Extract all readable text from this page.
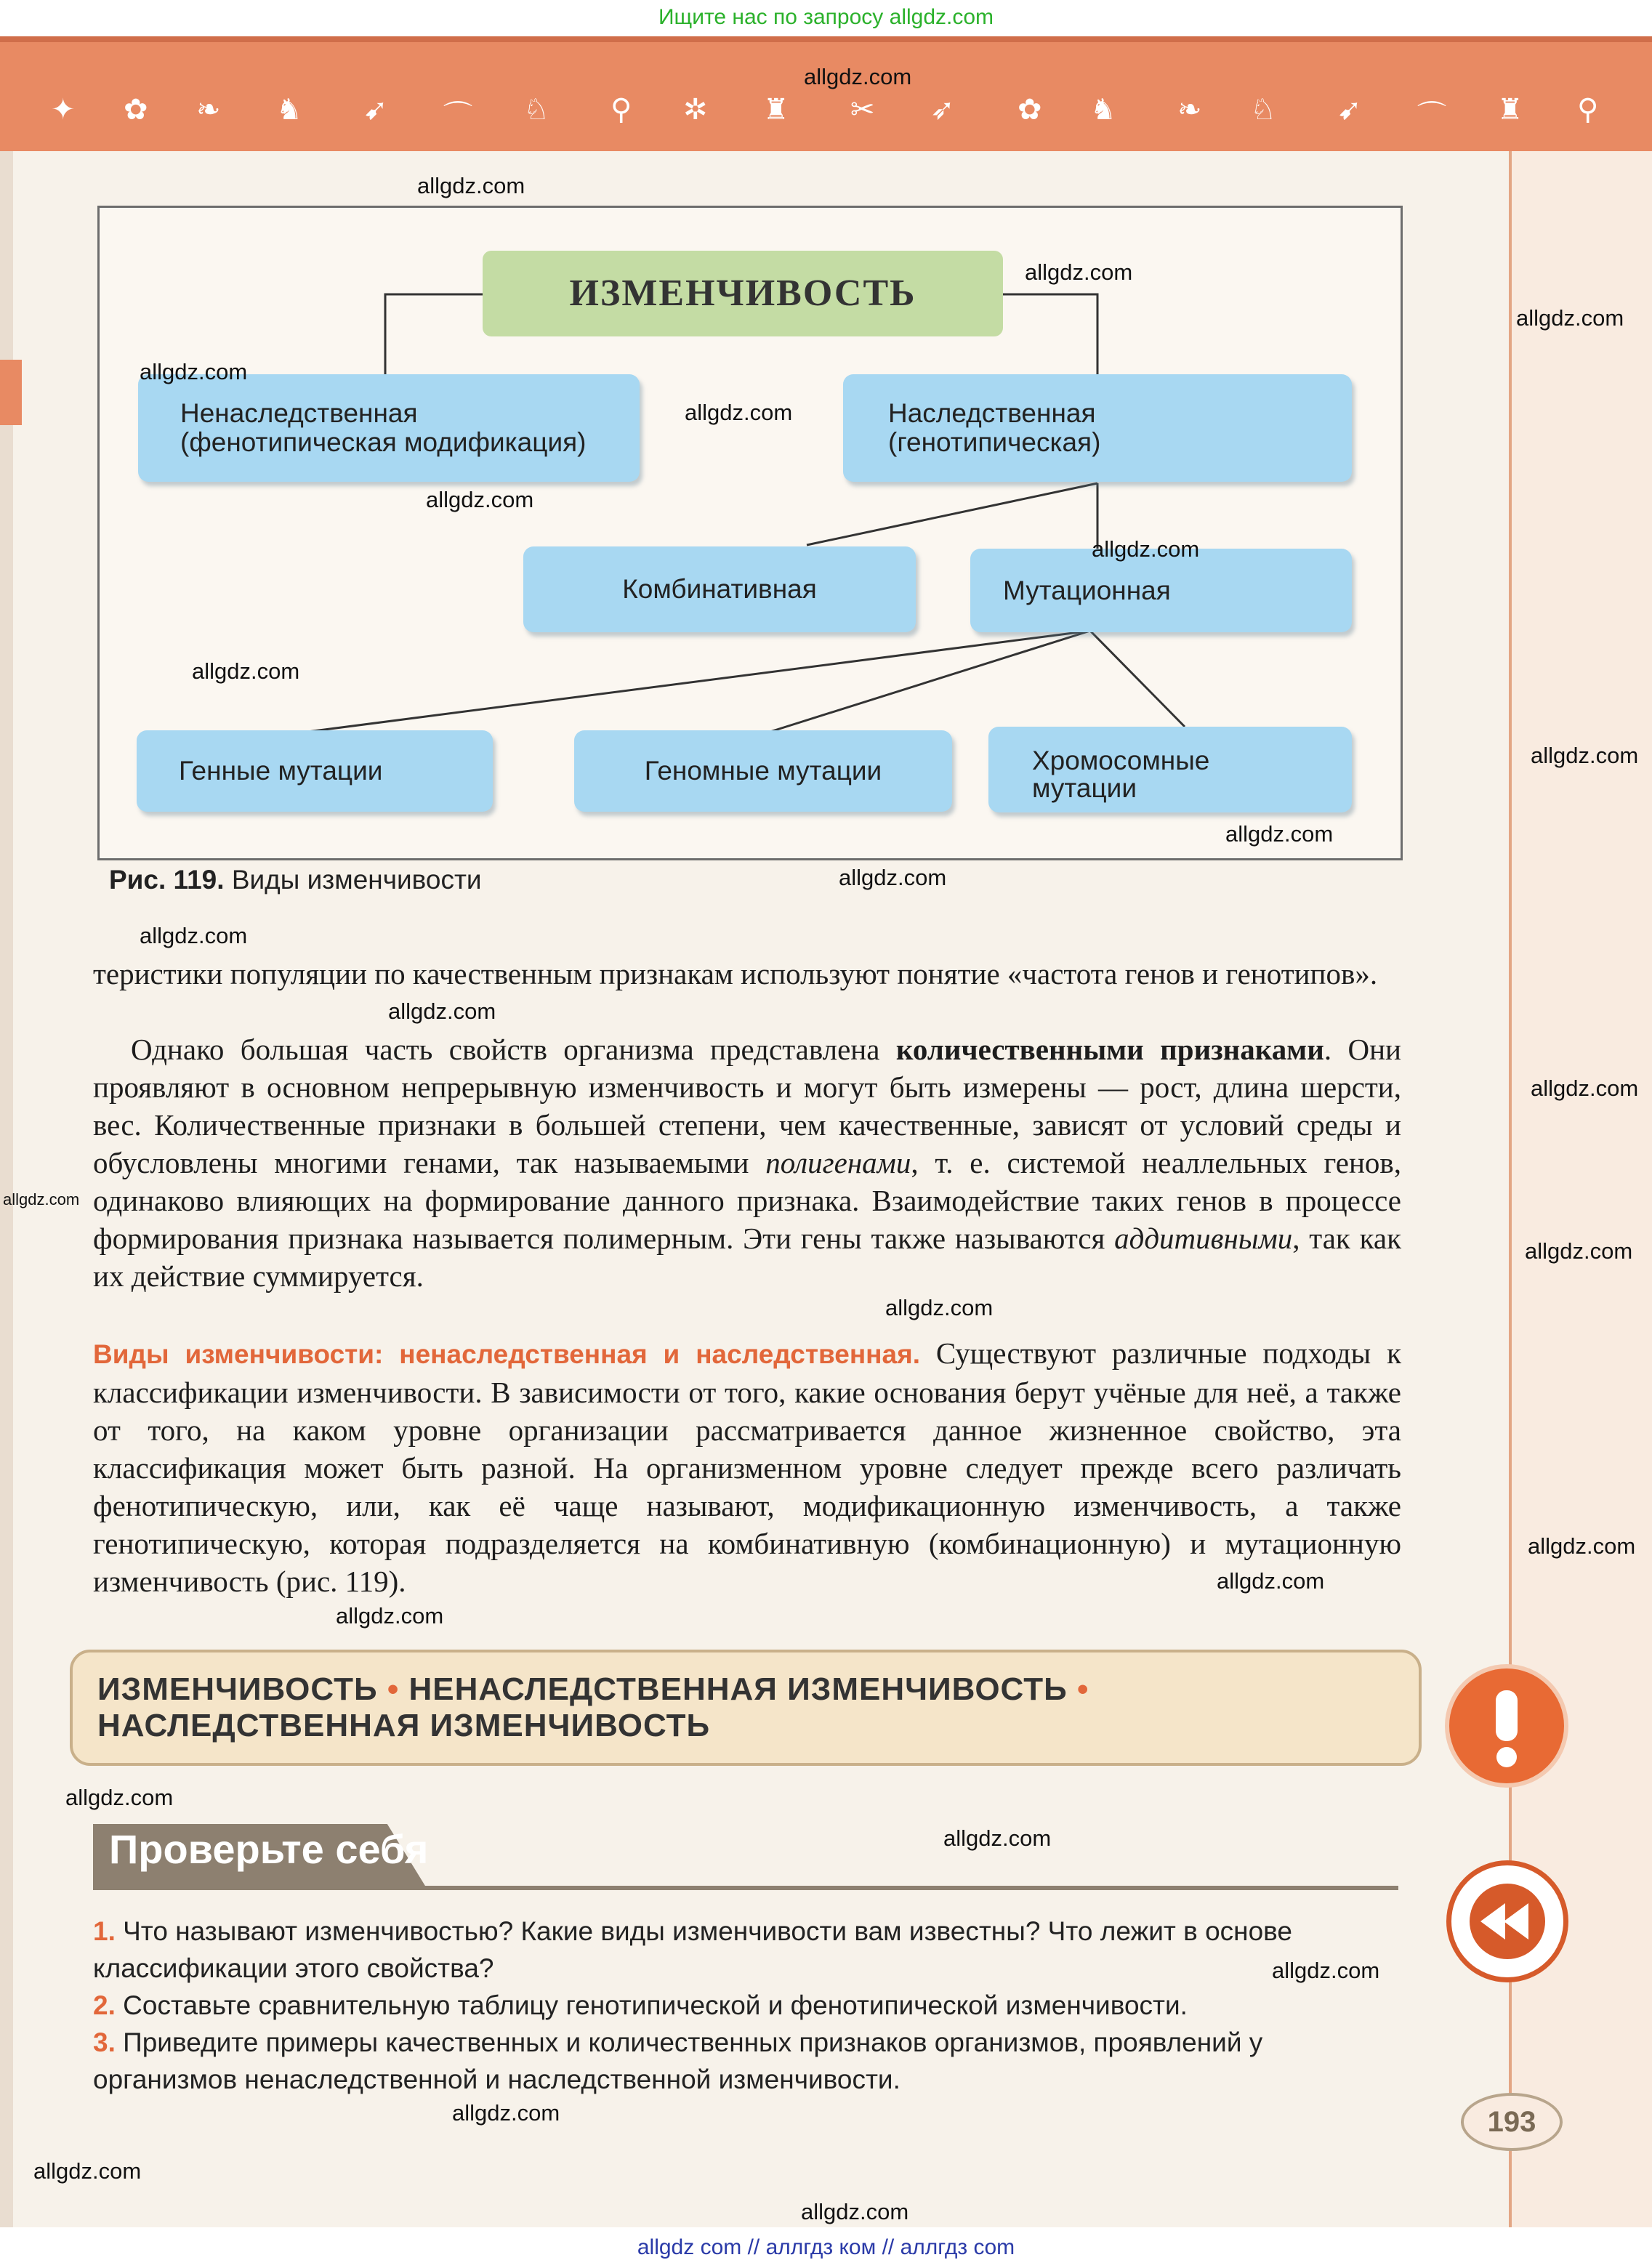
Ищите нас по запросу allgdz.com
✦ ✿ ❧ ♞ ➹ ⌒ ♘ ⚲ ✲ ♜ ✂ ➶ ✿ ♞ ❧ ♘ ➹ ⌒ ♜ ⚲
ИЗМЕНЧИВОСТЬ
Ненаследственная
(фенотипическая модификация)
Наследственная
(генотипическая)
Комбинативная	Мутационная
Генные мутации	Геномные мутации	Хромосомные
мутации
Рис. 119. Виды изменчивости
теристики популяции по качественным признакам используют понятие «частота генов и генотипов».
Однако большая часть свойств организма представлена количественными признаками. Они проявляют в основном непрерывную изменчивость и могут быть измерены — рост, длина шерсти, вес. Количественные признаки в большей степени, чем качественные, зависят от условий среды и обусловлены многими генами, так называемыми полигенами, т. е. системой неаллельных генов, одинаково влияющих на формирование данного признака. Взаимодействие таких генов в процессе формирования признака называется полимерным. Эти гены также называются аддитивными, так как их действие суммируется.
Виды изменчивости: ненаследственная и наследственная. Существуют различные подходы к классификации изменчивости. В зависимости от того, какие основания берут учёные для неё, а также от того, на каком уровне организации рассматривается данное жизненное свойство, эта классификация может быть разной. На организменном уровне следует прежде всего различать фенотипическую, или, как её чаще называют, модификационную изменчивость, а также генотипическую, которая подразделяется на комбинативную (комбинационную) и мутационную изменчивость (рис. 119).
ИЗМЕНЧИВОСТЬ • НЕНАСЛЕДСТВЕННАЯ ИЗМЕНЧИВОСТЬ • НАСЛЕДСТВЕННАЯ ИЗМЕНЧИВОСТЬ
Проверьте себя
1. Что называют изменчивостью? Какие виды изменчивости вам известны? Что лежит в основе классификации этого свойства?
2. Составьте сравнительную таблицу генотипической и фенотипической изменчивости.
3. Приведите примеры качественных и количественных признаков организмов, проявлений у организмов ненаследственной и наследственной изменчивости.
193
allgdz.com
allgdz.com
allgdz.com
allgdz.com
allgdz.com
allgdz.com
allgdz.com
allgdz.com
allgdz.com
allgdz.com
allgdz.com
allgdz.com
allgdz.com
allgdz.com
allgdz.com
allgdz.com
allgdz.com
allgdz.com
allgdz.com
allgdz.com
allgdz.com
allgdz.com
allgdz.com
allgdz.com
allgdz.com
allgdz.com
allgdz.com
allgdz com // аллгдз ком // аллгдз com
